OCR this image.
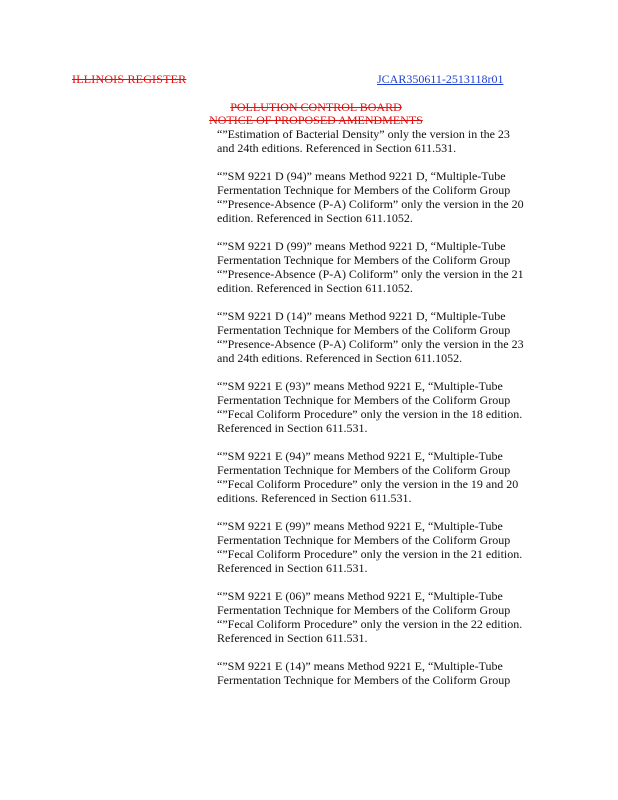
ILLINOIS REGISTER	JCAR350611-2513118r01
POLLUTION CONTROL BOARD
NOTICE OF PROPOSED AMENDMENTS
“”Estimation of Bacterial Density” only the version in the 23
and 24th editions. Referenced in Section 611.531.
“”SM 9221 D (94)” means Method 9221 D, “Multiple-Tube
Fermentation Technique for Members of the Coliform Group
“”Presence-Absence (P-A) Coliform” only the version in the 20
edition. Referenced in Section 611.1052.
“”SM 9221 D (99)” means Method 9221 D, “Multiple-Tube
Fermentation Technique for Members of the Coliform Group
“”Presence-Absence (P-A) Coliform” only the version in the 21
edition. Referenced in Section 611.1052.
“”SM 9221 D (14)” means Method 9221 D, “Multiple-Tube
Fermentation Technique for Members of the Coliform Group
“”Presence-Absence (P-A) Coliform” only the version in the 23
and 24th editions. Referenced in Section 611.1052.
“”SM 9221 E (93)” means Method 9221 E, “Multiple-Tube
Fermentation Technique for Members of the Coliform Group
“”Fecal Coliform Procedure” only the version in the 18 edition.
Referenced in Section 611.531.
“”SM 9221 E (94)” means Method 9221 E, “Multiple-Tube
Fermentation Technique for Members of the Coliform Group
“”Fecal Coliform Procedure” only the version in the 19 and 20
editions. Referenced in Section 611.531.
“”SM 9221 E (99)” means Method 9221 E, “Multiple-Tube
Fermentation Technique for Members of the Coliform Group
“”Fecal Coliform Procedure” only the version in the 21 edition.
Referenced in Section 611.531.
“”SM 9221 E (06)” means Method 9221 E, “Multiple-Tube
Fermentation Technique for Members of the Coliform Group
“”Fecal Coliform Procedure” only the version in the 22 edition.
Referenced in Section 611.531.
“”SM 9221 E (14)” means Method 9221 E, “Multiple-Tube
Fermentation Technique for Members of the Coliform Group
